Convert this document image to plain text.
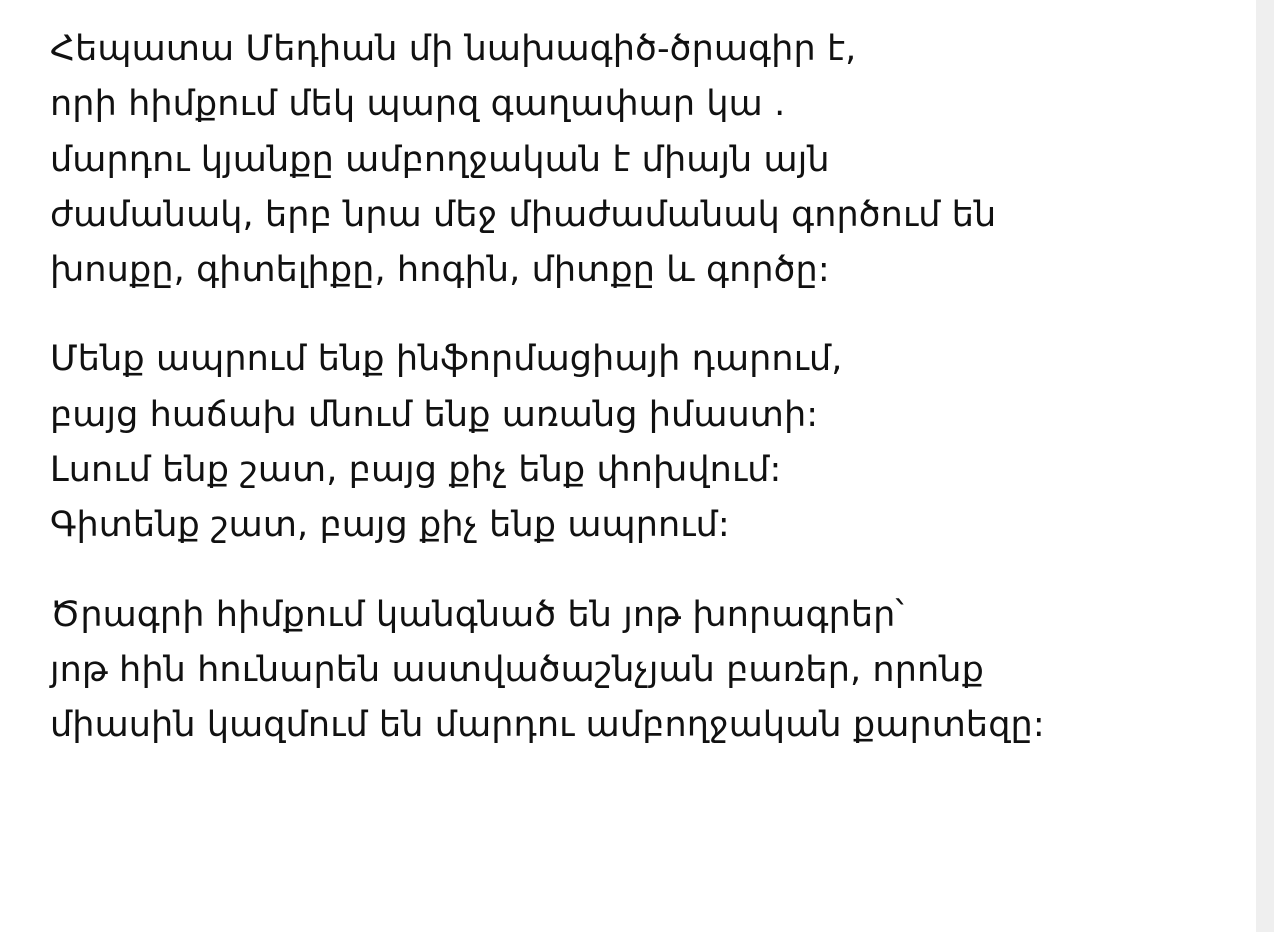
Հեպատա Մեդիան մի նախագիծ-ծրագիր է,
որի հիմքում մեկ պարզ գաղափար կա .
մարդու կյանքը ամբողջական է միայն այն
ժամանակ, երբ նրա մեջ միաժամանակ գործում են
խոսքը, գիտելիքը, հոգին, միտքը և գործը:

Մենք ապրում ենք ինֆորմացիայի դարում,
բայց հաճախ մնում ենք առանց իմաստի:
Լսում ենք շատ, բայց քիչ ենք փոխվում:
Գիտենք շատ, բայց քիչ ենք ապրում:

Ծրագրի հիմքում կանգնած են յոթ խորագրեր՝
յոթ հին հունարեն աստվածաշնչյան բառեր, որոնք
միասին կազմում են մարդու ամբողջական քարտեզը:
